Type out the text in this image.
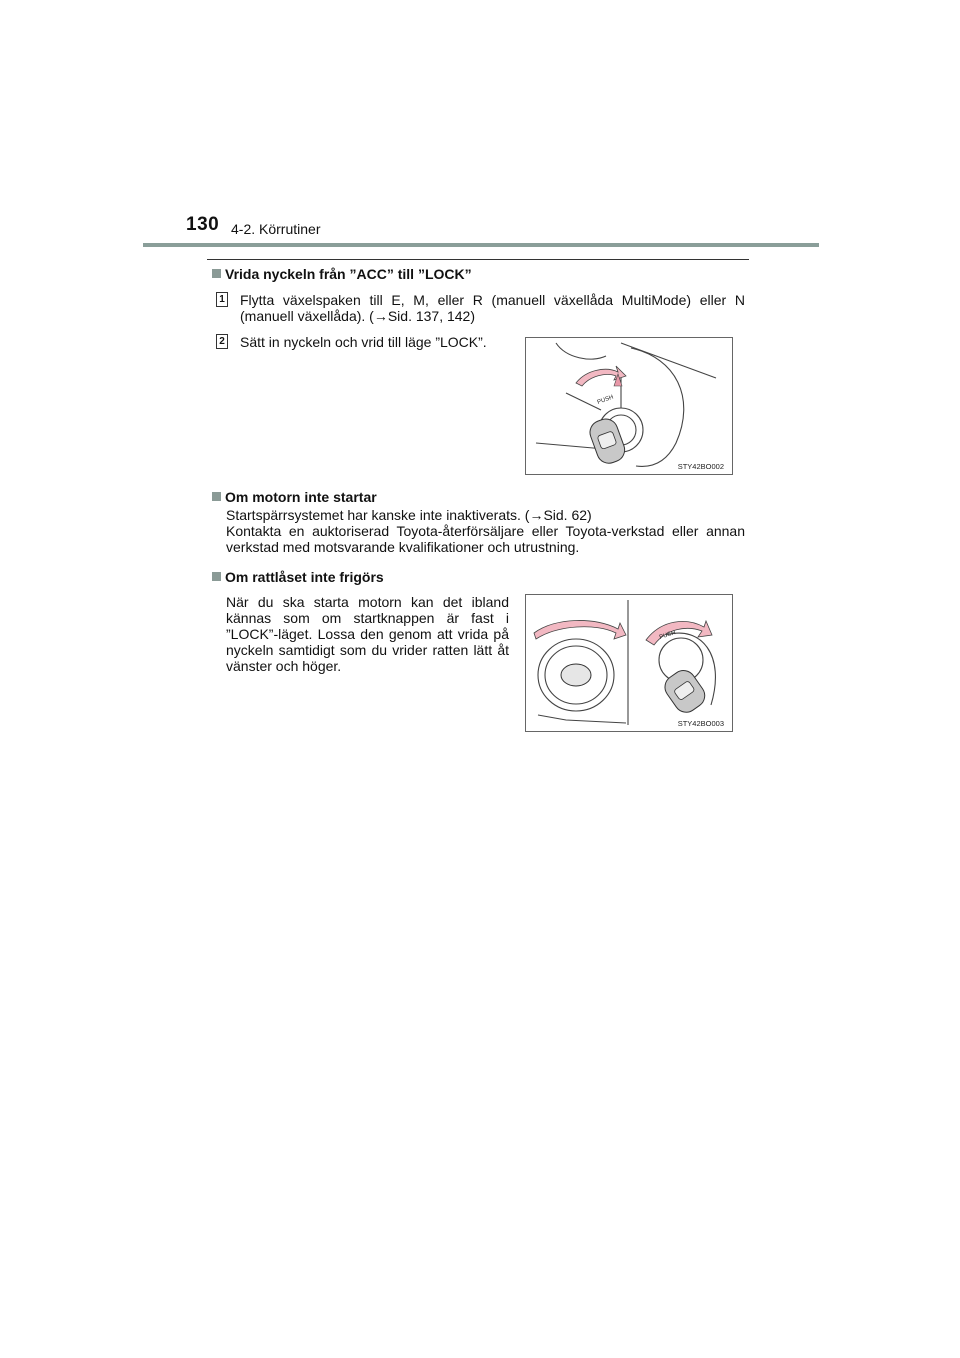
130 4-2. Körrutiner
Vrida nyckeln från ”ACC” till ”LOCK”
1 Flytta växelspaken till E, M, eller R (manuell växellåda MultiMode) eller N (manuell växellåda). (→Sid. 137, 142)
2 Sätt in nyckeln och vrid till läge ”LOCK”.
PUSH
STY42BO002
Om motorn inte startar
Startspärrsystemet har kanske inte inaktiverats. (→Sid. 62)
Kontakta en auktoriserad Toyota-återförsäljare eller Toyota-verkstad eller annan verkstad med motsvarande kvalifikationer och utrustning.
Om rattlåset inte frigörs
När du ska starta motorn kan det ibland kännas som om startknappen är fast i ”LOCK”-läget. Lossa den genom att vrida på nyckeln samtidigt som du vrider ratten lätt åt vänster och höger.
PUSH
STY42BO003
